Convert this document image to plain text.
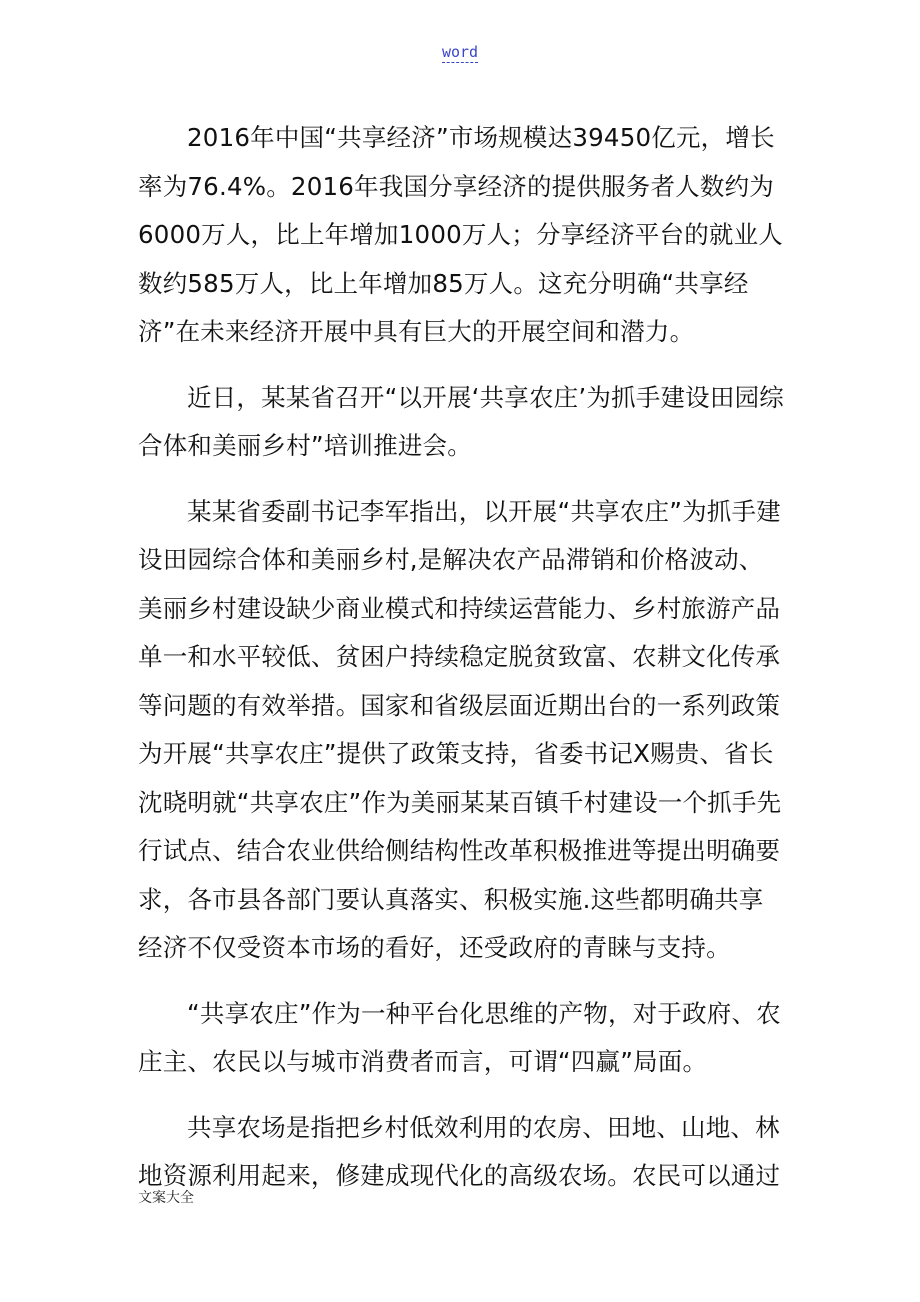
word

2016年中国“共享经济”市场规模达39450亿元，增长率为76.4%。2016年我国分享经济的提供服务者人数约为6000万人，比上年增加1000万人；分享经济平台的就业人数约585万人，比上年增加85万人。这充分明确“共享经济”在未来经济开展中具有巨大的开展空间和潜力。

近日，某某省召开“以开展‘共享农庄’为抓手建设田园综合体和美丽乡村”培训推进会。

某某省委副书记李军指出，以开展“共享农庄”为抓手建设田园综合体和美丽乡村,是解决农产品滞销和价格波动、美丽乡村建设缺少商业模式和持续运营能力、乡村旅游产品单一和水平较低、贫困户持续稳定脱贫致富、农耕文化传承等问题的有效举措。国家和省级层面近期出台的一系列政策为开展“共享农庄”提供了政策支持，省委书记X赐贵、省长沈晓明就“共享农庄”作为美丽某某百镇千村建设一个抓手先行试点、结合农业供给侧结构性改革积极推进等提出明确要求，各市县各部门要认真落实、积极实施.这些都明确共享经济不仅受资本市场的看好，还受政府的青睐与支持。

“共享农庄”作为一种平台化思维的产物，对于政府、农庄主、农民以与城市消费者而言，可谓“四赢”局面。

共享农场是指把乡村低效利用的农房、田地、山地、林地资源利用起来，修建成现代化的高级农场。农民可以通过

文案大全
